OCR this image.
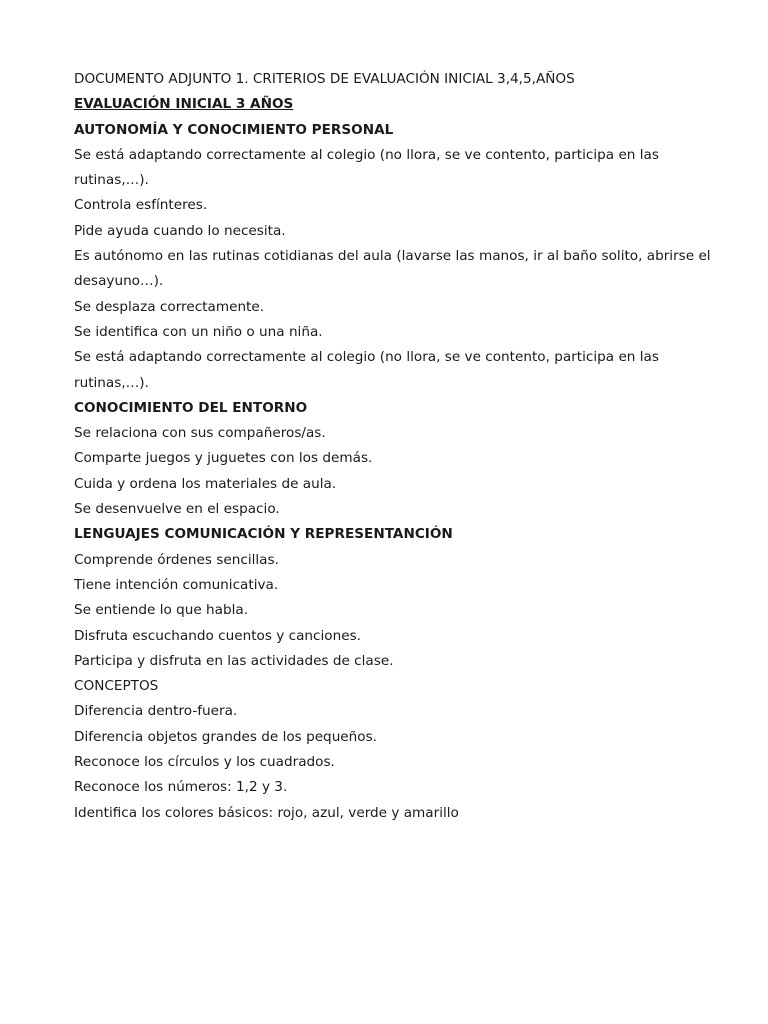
DOCUMENTO ADJUNTO 1. CRITERIOS DE EVALUACIÓN INICIAL 3,4,5,AÑOS

EVALUACIÓN INICIAL 3 AÑOS

AUTONOMÍA Y CONOCIMIENTO PERSONAL

Se está adaptando correctamente al colegio (no llora, se ve contento, participa en las rutinas,…).

Controla esfínteres.

Pide ayuda cuando lo necesita.

Es autónomo en las rutinas cotidianas del aula (lavarse las manos, ir al baño solito, abrirse el desayuno…).

Se desplaza correctamente.

Se identifica con un niño o una niña.

Se está adaptando correctamente al colegio (no llora, se ve contento, participa en las rutinas,…).

CONOCIMIENTO DEL ENTORNO

Se relaciona con sus compañeros/as.

Comparte juegos y juguetes con los demás.

Cuida y ordena los materiales de aula.

Se desenvuelve en el espacio.

LENGUAJES COMUNICACIÓN Y REPRESENTANCIÓN

Comprende órdenes sencillas.

Tiene intención comunicativa.

Se entiende lo que habla.

Disfruta escuchando cuentos y canciones.

Participa y disfruta en las actividades de clase.

CONCEPTOS

Diferencia dentro-fuera.

Diferencia objetos grandes de los pequeños.

Reconoce los círculos y los cuadrados.

Reconoce los números: 1,2 y 3.

Identifica los colores básicos: rojo, azul, verde y amarillo
